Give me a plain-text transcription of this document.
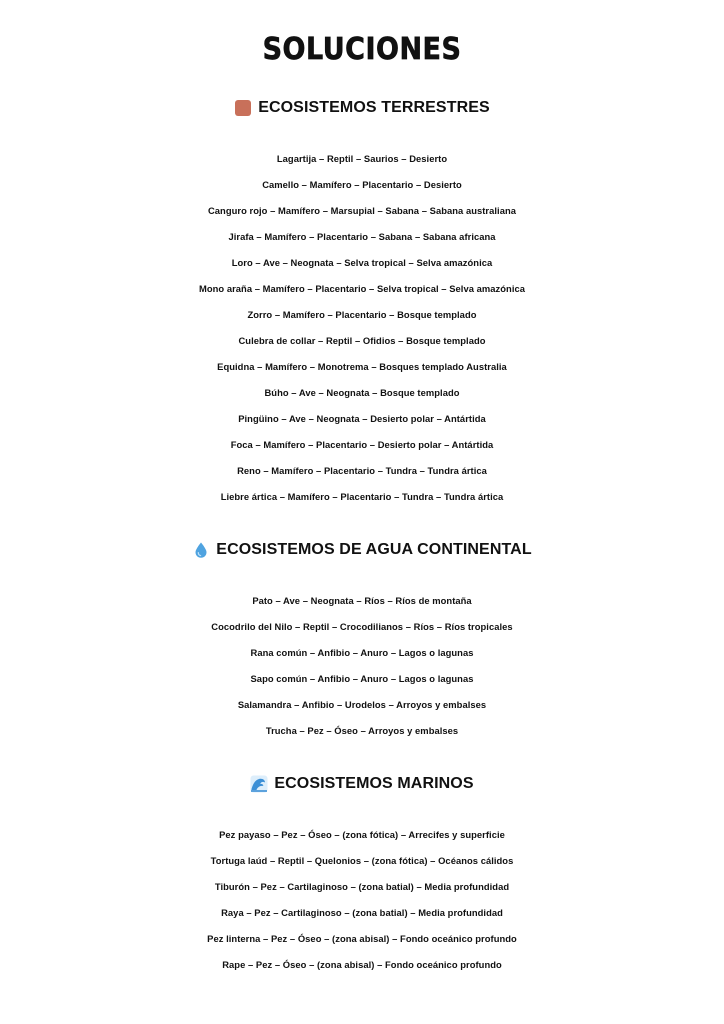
SOLUCIONES
ECOSISTEMOS TERRESTRES
Lagartija – Reptil – Saurios – Desierto
Camello – Mamífero – Placentario – Desierto
Canguro rojo – Mamífero – Marsupial – Sabana – Sabana australiana
Jirafa – Mamífero – Placentario – Sabana – Sabana africana
Loro – Ave – Neognata – Selva tropical – Selva amazónica
Mono araña – Mamífero – Placentario – Selva tropical – Selva amazónica
Zorro – Mamífero – Placentario – Bosque templado
Culebra de collar – Reptil – Ofidios – Bosque templado
Equidna – Mamífero – Monotrema – Bosques templado Australia
Búho – Ave – Neognata – Bosque templado
Pingüino – Ave – Neognata – Desierto polar – Antártida
Foca – Mamífero – Placentario – Desierto polar – Antártida
Reno – Mamífero – Placentario – Tundra – Tundra ártica
Liebre ártica – Mamífero – Placentario – Tundra – Tundra ártica
ECOSISTEMOS DE AGUA CONTINENTAL
Pato – Ave – Neognata – Ríos – Ríos de montaña
Cocodrilo del Nilo – Reptil – Crocodilianos – Ríos – Ríos tropicales
Rana común – Anfibio – Anuro – Lagos o lagunas
Sapo común – Anfibio – Anuro – Lagos o lagunas
Salamandra – Anfibio – Urodelos – Arroyos y embalses
Trucha – Pez – Óseo – Arroyos y embalses
ECOSISTEMOS MARINOS
Pez payaso – Pez – Óseo – (zona fótica) – Arrecifes y superficie
Tortuga laúd – Reptil – Quelonios – (zona fótica) – Océanos cálidos
Tiburón – Pez – Cartilaginoso – (zona batial) – Media profundidad
Raya – Pez – Cartilaginoso – (zona batial) – Media profundidad
Pez linterna – Pez – Óseo – (zona abisal) – Fondo oceánico profundo
Rape – Pez – Óseo – (zona abisal) – Fondo oceánico profundo
